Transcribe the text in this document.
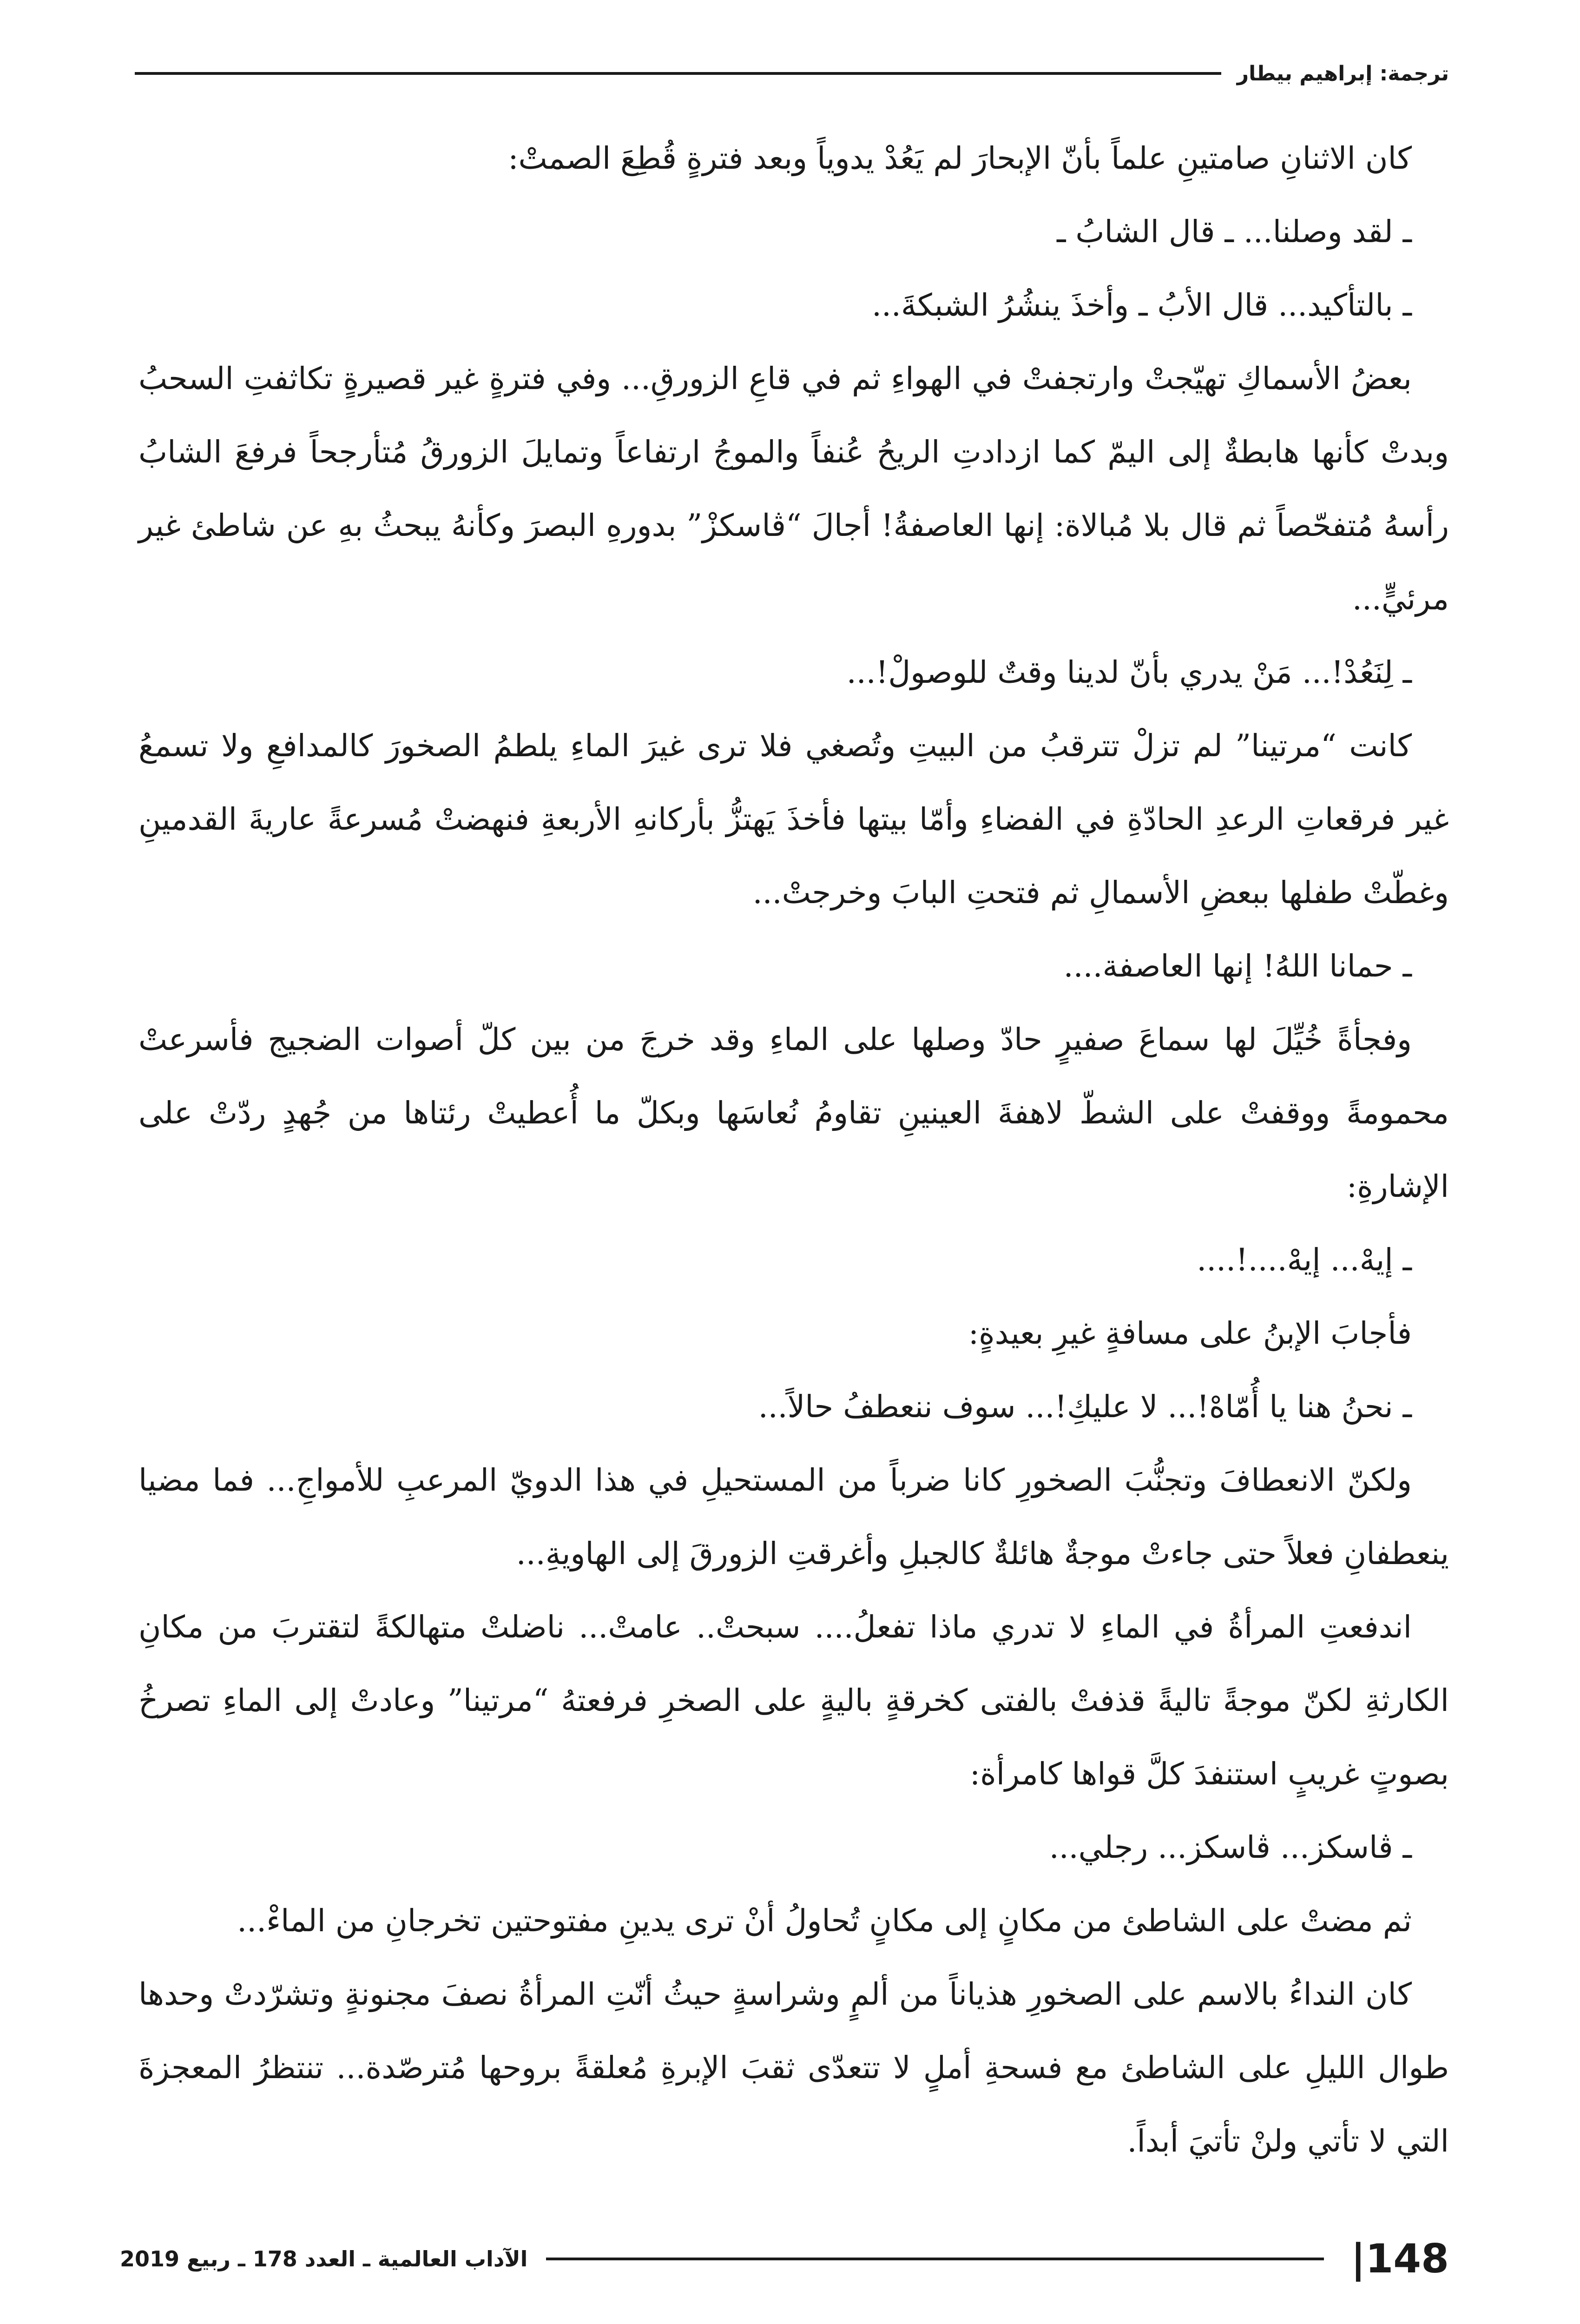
ترجمة: إبراهيم بيطار

كان الاثنانِ صامتينِ علماً بأنّ الإبحارَ لم يَعُدْ يدوياً وبعد فترةٍ قُطِعَ الصمتْ:

ـ لقد وصلنا... ـ قال الشابُ ـ

ـ بالتأكيد... قال الأبُ ـ وأخذَ ينشُرُ الشبكةَ...

بعضُ الأسماكِ تهيّجتْ وارتجفتْ في الهواءِ ثم في قاعِ الزورقِ... وفي فترةٍ غير قصيرةٍ تكاثفتِ السحبُ وبدتْ كأنها هابطةٌ إلى اليمّ كما ازدادتِ الريحُ عُنفاً والموجُ ارتفاعاً وتمايلَ الزورقُ مُتأرجحاً فرفعَ الشابُ رأسهُ مُتفحّصاً ثم قال بلا مُبالاة: إنها العاصفةُ! أجالَ “ڤاسكزْ” بدورهِ البصرَ وكأنهُ يبحثُ بهِ عن شاطئ غير مرئيٍّ...

ـ لِنَعُدْ!... مَنْ يدري بأنّ لدينا وقتٌ للوصولْ!...

كانت “مرتينا” لم تزلْ تترقبُ من البيتِ وتُصغي فلا ترى غيرَ الماءِ يلطمُ الصخورَ كالمدافعِ ولا تسمعُ غير فرقعاتِ الرعدِ الحادّةِ في الفضاءِ وأمّا بيتها فأخذَ يَهتزُّ بأركانهِ الأربعةِ فنهضتْ مُسرعةً عاريةَ القدمينِ وغطّتْ طفلها ببعضِ الأسمالِ ثم فتحتِ البابَ وخرجتْ...

ـ حمانا اللهُ! إنها العاصفة....

وفجأةً خُيِّلَ لها سماعَ صفيرٍ حادّ وصلها على الماءِ وقد خرجَ من بين كلّ أصوات الضجيج فأسرعتْ محمومةً ووقفتْ على الشطّ لاهفةَ العينينِ تقاومُ نُعاسَها وبكلّ ما أُعطيتْ رئتاها من جُهدٍ ردّتْ على الإشارةِ:

ـ إيهْ... إيهْ....!....

فأجابَ الإبنُ على مسافةٍ غيرِ بعيدةٍ:

ـ نحنُ هنا يا أُمّاهْ!... لا عليكِ!... سوف ننعطفُ حالاً...

ولكنّ الانعطافَ وتجنُّبَ الصخورِ كانا ضرباً من المستحيلِ في هذا الدويّ المرعبِ للأمواجِ... فما مضيا ينعطفانِ فعلاً حتى جاءتْ موجةٌ هائلةٌ كالجبلِ وأغرقتِ الزورقَ إلى الهاويةِ...

اندفعتِ المرأةُ في الماءِ لا تدري ماذا تفعلُ.... سبحتْ.. عامتْ... ناضلتْ متهالكةً لتقتربَ من مكانِ الكارثةِ لكنّ موجةً تاليةً قذفتْ بالفتى كخرقةٍ باليةٍ على الصخرِ فرفعتهُ “مرتينا” وعادتْ إلى الماءِ تصرخُ بصوتٍ غريبٍ استنفدَ كلَّ قواها كامرأة:

ـ ڤاسكز... ڤاسكز... رجلي...

ثم مضتْ على الشاطئ من مكانٍ إلى مكانٍ تُحاولُ أنْ ترى يدينِ مفتوحتين تخرجانِ من الماءْ...

كان النداءُ بالاسم على الصخورِ هذياناً من ألمٍ وشراسةٍ حيثُ أنّتِ المرأةُ نصفَ مجنونةٍ وتشرّدتْ وحدها طوال الليلِ على الشاطئ مع فسحةِ أملٍ لا تتعدّى ثقبَ الإبرةِ مُعلقةً بروحها مُترصّدة... تنتظرُ المعجزةَ التي لا تأتي ولنْ تأتيَ أبداً.

148
|
الآداب العالمية ـ العدد 178 ـ ربيع 2019
